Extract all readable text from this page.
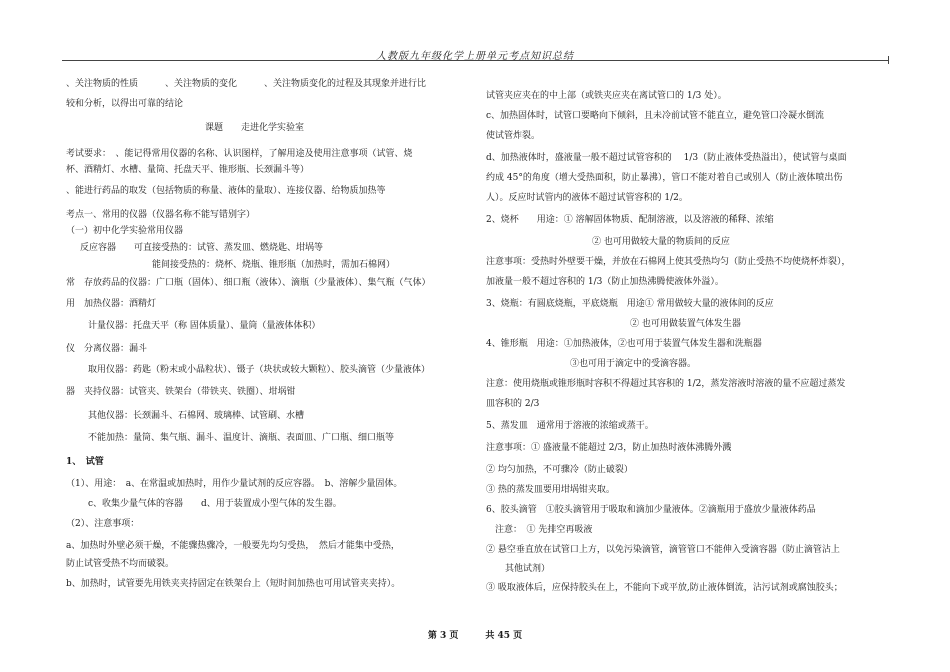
人教版九年级化学上册单元考点知识总结
、关注物质的性质　　　、关注物质的变化　　　、关注物质变化的过程及其现象并进行比
较和分析，以得出可靠的结论
课题　　走进化学实验室
考试要求：　、能记得常用仪器的名称、认识图样，了解用途及使用注意事项（试管、烧
杯、酒精灯、水槽、量筒、托盘天平、锥形瓶、长颈漏斗等）
、能进行药品的取发（包括物质的称量、液体的量取）、连接仪器、给物质加热等
考点一、常用的仪器（仪器名称不能写错别字）
（一）初中化学实验常用仪器
反应容器　　可直接受热的：试管、蒸发皿、燃烧匙、坩埚等
能间接受热的：烧杯、烧瓶、锥形瓶（加热时，需加石棉网）
常　存放药品的仪器：广口瓶（固体）、细口瓶（液体）、滴瓶（少量液体）、集气瓶（气体）
用　加热仪器：酒精灯
计量仪器：托盘天平（称 固体质量）、量筒（量液体体积）
仪　分离仪器：漏斗
取用仪器：药匙（粉末或小晶粒状）、镊子（块状或较大颗粒）、胶头滴管（少量液体）
器　夹持仪器：试管夹、铁架台（带铁夹、铁圈）、坩埚钳
其他仪器：长颈漏斗、石棉网、玻璃棒、试管刷、水槽
不能加热：量筒、集气瓶、漏斗、温度计、滴瓶、表面皿、广口瓶、细口瓶等
1、　试管
（1）、用途：　a、在常温或加热时，用作少量试剂的反应容器。　b、溶解少量固体。
c、收集少量气体的容器　　d、用于装置成小型气体的发生器。
（2）、注意事项：
a、加热时外壁必须干燥，不能骤热骤冷，一般要先均匀受热，　然后才能集中受热，
防止试管受热不均而破裂。
b、加热时，试管要先用铁夹夹持固定在铁架台上（短时间加热也可用试管夹夹持）。
试管夹应夹在的中上部（或铁夹应夹在离试管口的 1/3 处）。
c、加热固体时，试管口要略向下倾斜，且未冷前试管不能直立，避免管口冷凝水倒流
使试管炸裂。
d、加热液体时，盛液量一般不超过试管容积的　 1/3（防止液体受热溢出），使试管与桌面
约成 45°的角度（增大受热面积，防止暴沸），管口不能对着自己或别人（防止液体喷出伤
人）。反应时试管内的液体不超过试管容积的 1/2。
2、烧杯　　用途：① 溶解固体物质、配制溶液，以及溶液的稀释、浓缩
② 也可用做较大量的物质间的反应
注意事项：受热时外壁要干燥，并放在石棉网上使其受热均匀（防止受热不均使烧杯炸裂），
加液量一般不超过容积的 1/3（防止加热沸腾使液体外溢）。
3、烧瓶：有圆底烧瓶，平底烧瓶　用途① 常用做较大量的液体间的反应
② 也可用做装置气体发生器
4、锥形瓶　用途：①加热液体，②也可用于装置气体发生器和洗瓶器
③也可用于滴定中的受滴容器。
注意：使用烧瓶或锥形瓶时容积不得超过其容积的 1/2，蒸发溶液时溶液的量不应超过蒸发
皿容积的 2/3
5、蒸发皿　通常用于溶液的浓缩或蒸干。
注意事项：① 盛液量不能超过 2/3，防止加热时液体沸腾外溅
② 均匀加热，不可骤冷（防止破裂）
③ 热的蒸发皿要用坩埚钳夹取。
6、胶头滴管　①胶头滴管用于吸取和滴加少量液体。②滴瓶用于盛放少量液体药品
注意：　① 先排空再吸液
② 悬空垂直放在试管口上方，以免污染滴管，滴管管口不能伸入受滴容器（防止滴管沾上
其他试剂）
③ 吸取液体后，应保持胶头在上，不能向下或平放,防止液体倒流，沾污试剂或腐蚀胶头；
第 3 页　　　共 45 页
